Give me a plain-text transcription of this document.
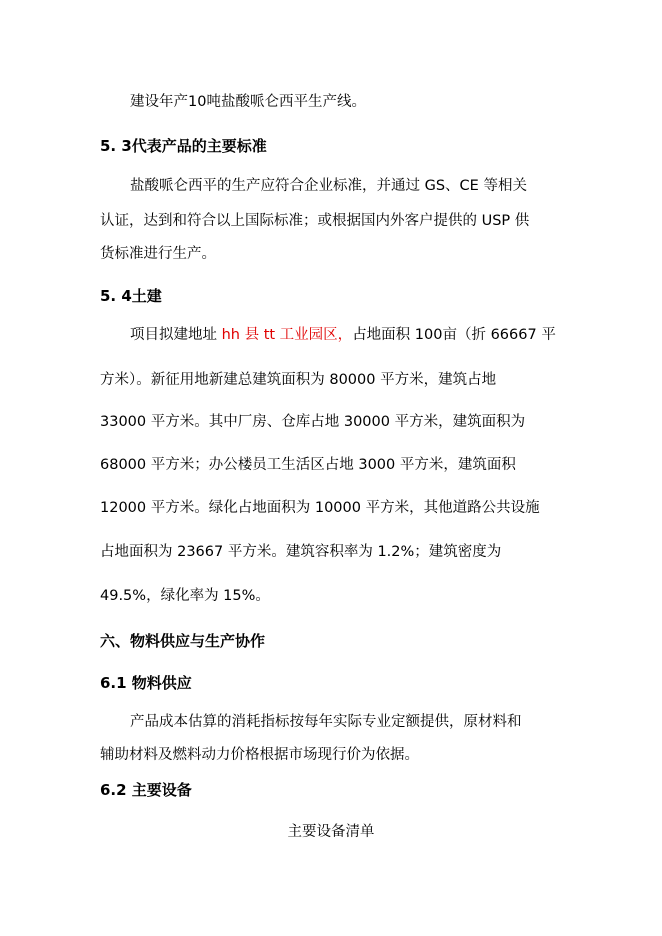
建设年产10吨盐酸哌仑西平生产线。
5. 3代表产品的主要标准
盐酸哌仑西平的生产应符合企业标准，并通过 GS、CE 等相关
认证，达到和符合以上国际标准；或根据国内外客户提供的 USP 供
货标准进行生产。
5. 4土建
项目拟建地址 hh 县 tt 工业园区，占地面积 100亩（折 66667 平
方米）。新征用地新建总建筑面积为 80000 平方米，建筑占地
33000 平方米。其中厂房、仓库占地 30000 平方米，建筑面积为
68000 平方米；办公楼员工生活区占地 3000 平方米，建筑面积
12000 平方米。绿化占地面积为 10000 平方米，其他道路公共设施
占地面积为 23667 平方米。建筑容积率为 1.2%；建筑密度为
49.5%，绿化率为 15%。
六、物料供应与生产协作
6.1 物料供应
产品成本估算的消耗指标按每年实际专业定额提供，原材料和
辅助材料及燃料动力价格根据市场现行价为依据。
6.2 主要设备
主要设备清单
